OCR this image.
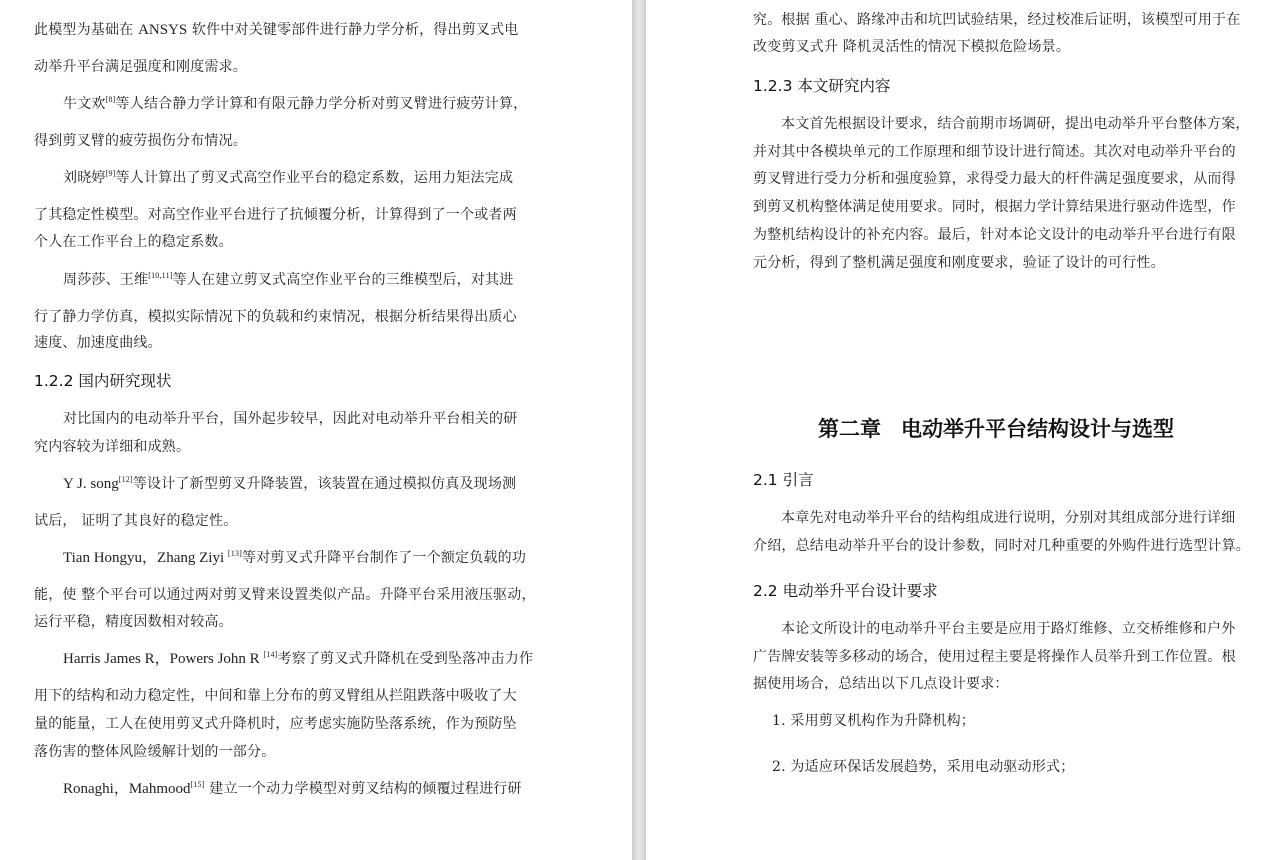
此模型为基础在 ANSYS 软件中对关键零部件进行静力学分析，得出剪叉式电
动举升平台满足强度和刚度需求。
牛文欢[8]等人结合静力学计算和有限元静力学分析对剪叉臂进行疲劳计算，
得到剪叉臂的疲劳损伤分布情况。
刘晓婷[9]等人计算出了剪叉式高空作业平台的稳定系数，运用力矩法完成
了其稳定性模型。对高空作业平台进行了抗倾覆分析，计算得到了一个或者两
个人在工作平台上的稳定系数。
周莎莎、王维[10,11]等人在建立剪叉式高空作业平台的三维模型后，对其进
行了静力学仿真，模拟实际情况下的负载和约束情况，根据分析结果得出质心
速度、加速度曲线。
1.2.2 国内研究现状
对比国内的电动举升平台，国外起步较早，因此对电动举升平台相关的研
究内容较为详细和成熟。
Y J. song[12]等设计了新型剪叉升降装置，该装置在通过模拟仿真及现场测
试后， 证明了其良好的稳定性。
Tian Hongyu，Zhang Ziyi [13]等对剪叉式升降平台制作了一个额定负载的功
能，使 整个平台可以通过两对剪叉臂来设置类似产品。升降平台采用液压驱动，
运行平稳，精度因数相对较高。
Harris James R，Powers John R [14]考察了剪叉式升降机在受到坠落冲击力作
用下的结构和动力稳定性，中间和靠上分布的剪叉臂组从拦阻跌落中吸收了大
量的能量，工人在使用剪叉式升降机时，应考虑实施防坠落系统，作为预防坠
落伤害的整体风险缓解计划的一部分。
Ronaghi，Mahmood[15] 建立一个动力学模型对剪叉结构的倾覆过程进行研
究。根据 重心、路缘冲击和坑凹试验结果，经过校准后证明，该模型可用于在
改变剪叉式升 降机灵活性的情况下模拟危险场景。
1.2.3 本文研究内容
本文首先根据设计要求，结合前期市场调研，提出电动举升平台整体方案，
并对其中各模块单元的工作原理和细节设计进行简述。其次对电动举升平台的
剪叉臂进行受力分析和强度验算，求得受力最大的杆件满足强度要求，从而得
到剪叉机构整体满足使用要求。同时，根据力学计算结果进行驱动件选型，作
为整机结构设计的补充内容。最后，针对本论文设计的电动举升平台进行有限
元分析，得到了整机满足强度和刚度要求，验证了设计的可行性。
第二章 电动举升平台结构设计与选型
2.1 引言
本章先对电动举升平台的结构组成进行说明，分别对其组成部分进行详细
介绍，总结电动举升平台的设计参数，同时对几种重要的外购件进行选型计算。
2.2 电动举升平台设计要求
本论文所设计的电动举升平台主要是应用于路灯维修、立交桥维修和户外
广告牌安装等多移动的场合，使用过程主要是将操作人员举升到工作位置。根
据使用场合，总结出以下几点设计要求：
1. 采用剪叉机构作为升降机构；
2. 为适应环保话发展趋势，采用电动驱动形式；
